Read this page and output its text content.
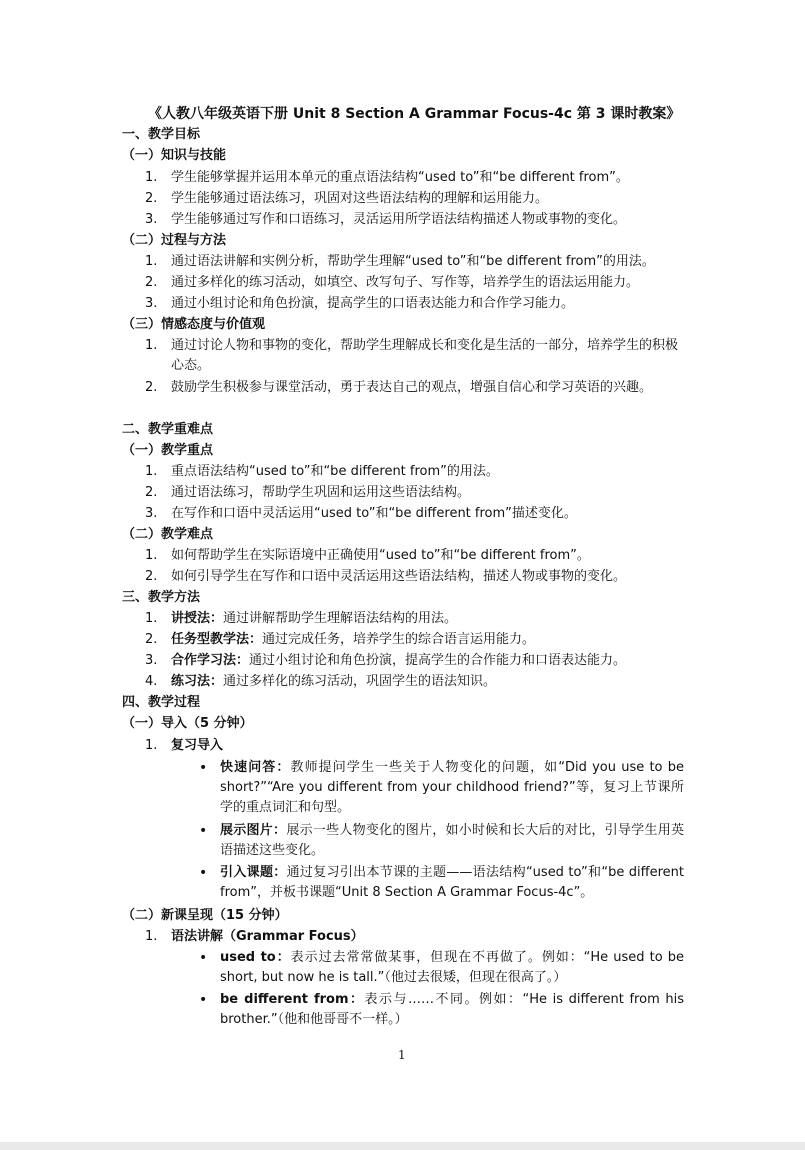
《人教八年级英语下册 Unit 8 Section A Grammar Focus-4c 第 3 课时教案》
一、教学目标
（一）知识与技能
1.	学生能够掌握并运用本单元的重点语法结构“used to”和“be different from”。
2.	学生能够通过语法练习，巩固对这些语法结构的理解和运用能力。
3.	学生能够通过写作和口语练习，灵活运用所学语法结构描述人物或事物的变化。
（二）过程与方法
1.	通过语法讲解和实例分析，帮助学生理解“used to”和“be different from”的用法。
2.	通过多样化的练习活动，如填空、改写句子、写作等，培养学生的语法运用能力。
3.	通过小组讨论和角色扮演，提高学生的口语表达能力和合作学习能力。
（三）情感态度与价值观
1.	通过讨论人物和事物的变化，帮助学生理解成长和变化是生活的一部分，培养学生的积极心态。
2.	鼓励学生积极参与课堂活动，勇于表达自己的观点，增强自信心和学习英语的兴趣。
二、教学重难点
（一）教学重点
1.	重点语法结构“used to”和“be different from”的用法。
2.	通过语法练习，帮助学生巩固和运用这些语法结构。
3.	在写作和口语中灵活运用“used to”和“be different from”描述变化。
（二）教学难点
1.	如何帮助学生在实际语境中正确使用“used to”和“be different from”。
2.	如何引导学生在写作和口语中灵活运用这些语法结构，描述人物或事物的变化。
三、教学方法
1.	讲授法：通过讲解帮助学生理解语法结构的用法。
2.	任务型教学法：通过完成任务，培养学生的综合语言运用能力。
3.	合作学习法：通过小组讨论和角色扮演，提高学生的合作能力和口语表达能力。
4.	练习法：通过多样化的练习活动，巩固学生的语法知识。
四、教学过程
（一）导入（5 分钟）
1.	复习导入
• 快速问答：教师提问学生一些关于人物变化的问题，如“Did you use to be short?”“Are you different from your childhood friend?”等，复习上节课所学的重点词汇和句型。
• 展示图片：展示一些人物变化的图片，如小时候和长大后的对比，引导学生用英语描述这些变化。
• 引入课题：通过复习引出本节课的主题——语法结构“used to”和“be different from”，并板书课题“Unit 8 Section A Grammar Focus-4c”。
（二）新课呈现（15 分钟）
1.	语法讲解（Grammar Focus）
• used to：表示过去常常做某事，但现在不再做了。例如：“He used to be short, but now he is tall.”（他过去很矮，但现在很高了。）
• be different from：表示与……不同。例如：“He is different from his brother.”（他和他哥哥不一样。）
1
